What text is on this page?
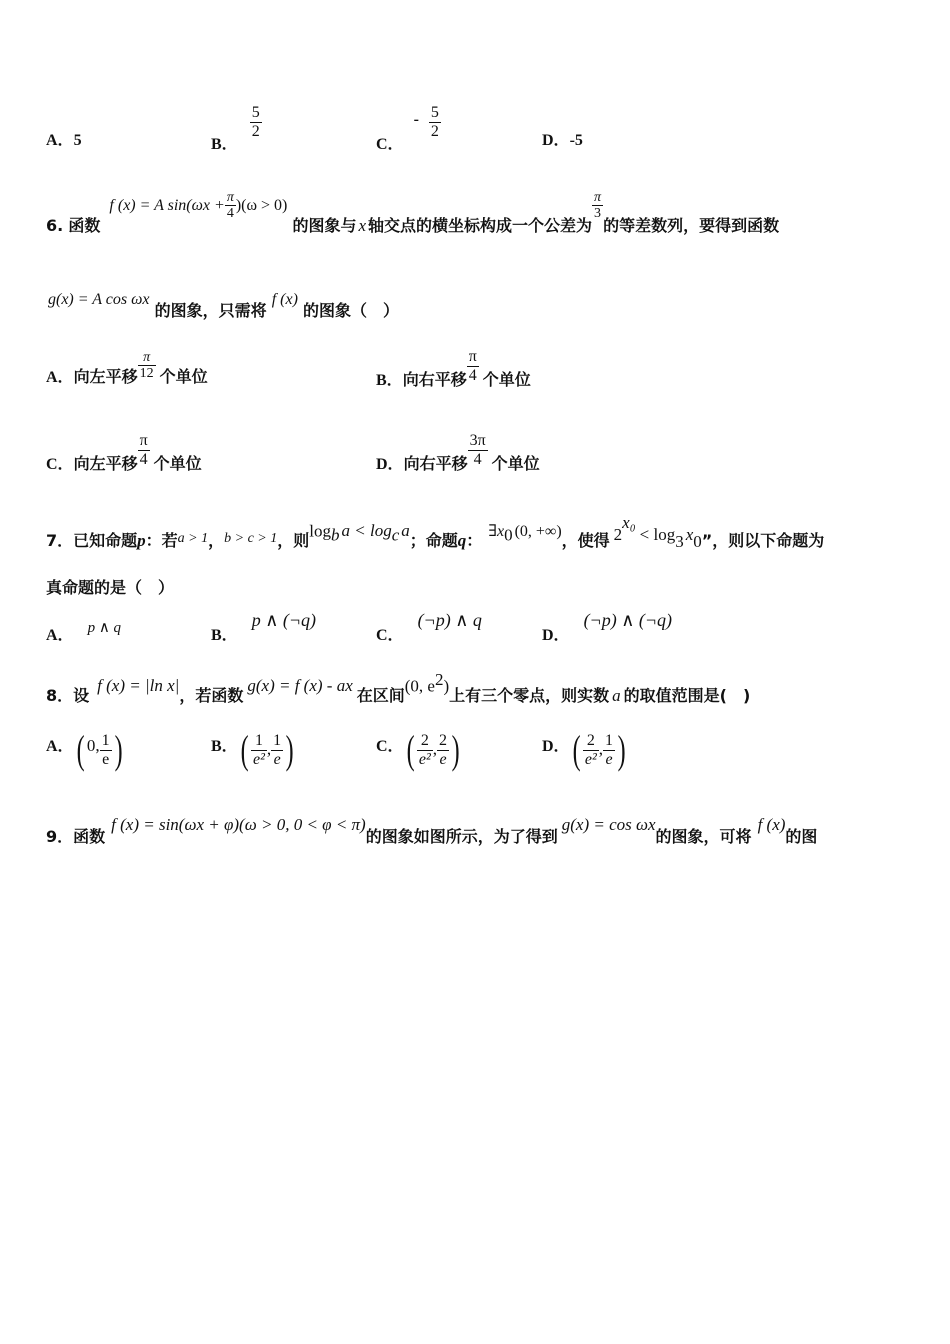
A．5	B．
$\frac{5}{2}$
C． - $\frac{5}{2}$	D．-5
6. 函数 f (x) = A $\sin(\omega x + \frac{\pi}{4} )(\omega > 0)$ 的图象与 x 轴交点的横坐标构成一个公差为
$\frac{\pi}{3}$
的等差数列，要得到函数
g(x) = A cos ωx 的图象，只需将 f (x) 的图象（　）
A．向左平移 $\frac{\pi}{12}$ 个单位	B．向右平移 $\frac{\pi}{4}$ 个单位
C．向左平移 $\frac{\pi}{4}$ 个单位	D．向右平移 $\frac{3\pi}{4}$ 个单位
7．已知命题p：若a > 1，b > c > 1，则$\log_b a < \log_c a$；命题q： $\exists x_0$ (0, +∞)，使得 $2^{x_0}< \log_3 x_0$”，则以下命题为
真命题的是（　）
A． p ∧ q	B．p ∧ (¬q)
C．(¬p) ∧ q
D．(¬p) ∧ (¬q)
8．设f (x) = |ln x|，若函数g(x) = f (x) - ax在区间(0, $e^2$)上有三个零点，则实数 a 的取值范围是(　)
A．( 0, $\frac{1}{e}$ )	B．( $\frac{1}{\text{e²}}$ , $\frac{1}{e}$ )	C．( $\frac{2}{\text{e²}}$ , $\frac{2}{e}$ )	D．( $\frac{2}{\text{e²}}$ , $\frac{1}{e}$ )
9．函数f (x) = sin(ωx + φ)(ω > 0, 0 < φ < π)的图象如图所示，为了得到g(x) = cos ωx的图象，可将f (x)的图
